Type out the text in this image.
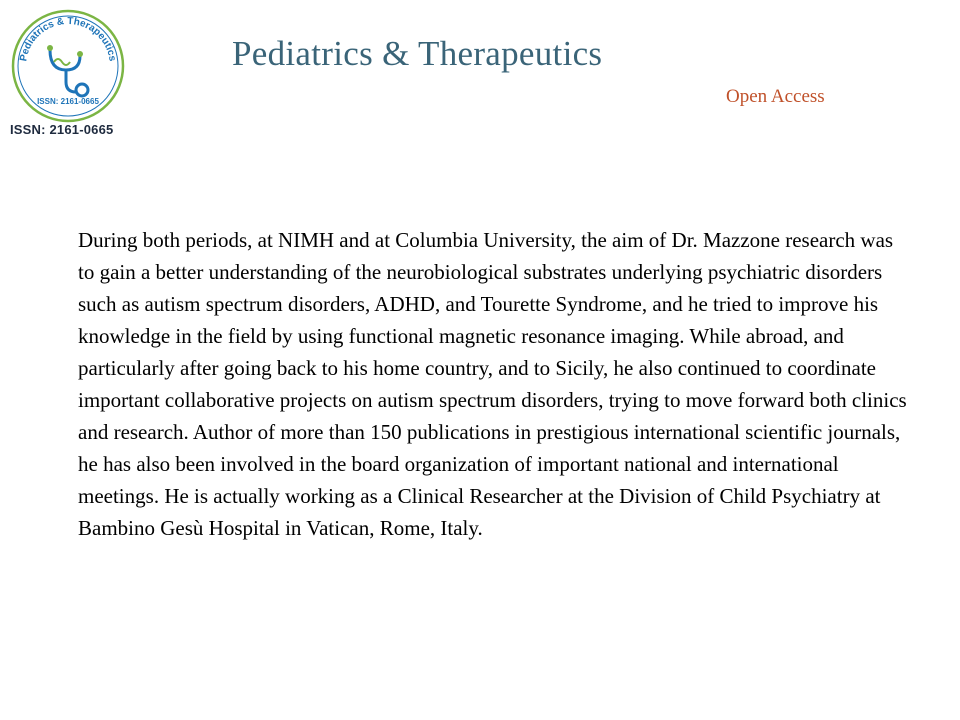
Pediatrics & Therapeutics
ISSN: 2161-0665
ISSN: 2161-0665
Pediatrics & Therapeutics
Open Access

During both periods, at NIMH and at Columbia University, the aim of Dr. Mazzone research was to gain a better understanding of the neurobiological substrates underlying psychiatric disorders such as autism spectrum disorders, ADHD, and Tourette Syndrome, and he tried to improve his knowledge in the field by using functional magnetic resonance imaging. While abroad, and particularly after going back to his home country, and to Sicily, he also continued to coordinate important collaborative projects on autism spectrum disorders, trying to move forward both clinics and research. Author of more than 150 publications in prestigious international scientific journals, he has also been involved in the board organization of important national and international meetings. He is actually working as a Clinical Researcher at the Division of Child Psychiatry at Bambino Gesù Hospital in Vatican, Rome, Italy.
